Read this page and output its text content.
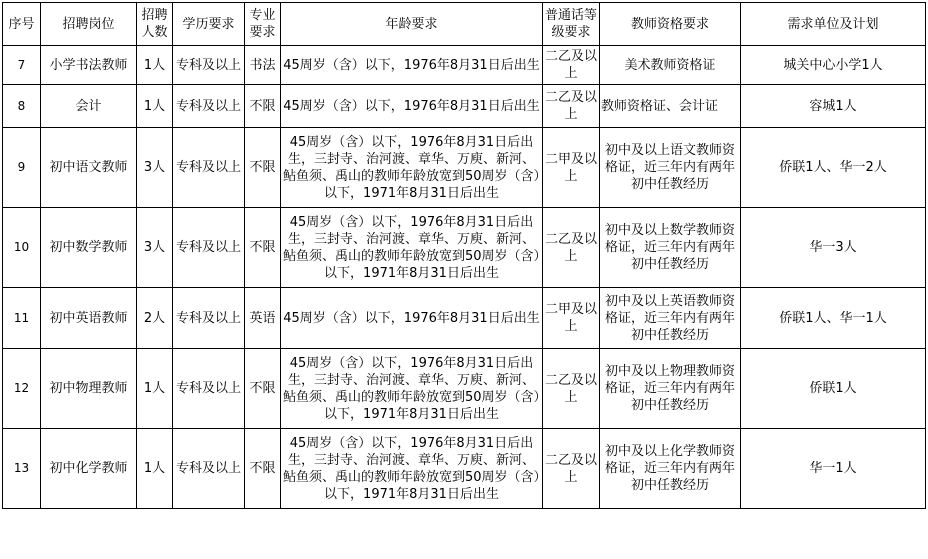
序号	招聘岗位	招聘人数	学历要求	专业要求	年龄要求	普通话等级要求	教师资格要求	需求单位及计划
7	小学书法教师	1人	专科及以上	书法	45周岁（含）以下，1976年8月31日后出生	二乙及以上	美术教师资格证	城关中心小学1人
8	会计	1人	专科及以上	不限	45周岁（含）以下，1976年8月31日后出生	二乙及以上	教师资格证、会计证	容城1人
9	初中语文教师	3人	专科及以上	不限	45周岁（含）以下，1976年8月31日后出生，三封寺、治河渡、章华、万庾、新河、鲇鱼须、禹山的教师年龄放宽到50周岁（含）以下，1971年8月31日后出生	二甲及以上	初中及以上语文教师资格证，近三年内有两年初中任教经历	侨联1人、华一2人
10	初中数学教师	3人	专科及以上	不限	45周岁（含）以下，1976年8月31日后出生，三封寺、治河渡、章华、万庾、新河、鲇鱼须、禹山的教师年龄放宽到50周岁（含）以下，1971年8月31日后出生	二乙及以上	初中及以上数学教师资格证，近三年内有两年初中任教经历	华一3人
11	初中英语教师	2人	专科及以上	英语	45周岁（含）以下，1976年8月31日后出生	二甲及以上	初中及以上英语教师资格证，近三年内有两年初中任教经历	侨联1人、华一1人
12	初中物理教师	1人	专科及以上	不限	45周岁（含）以下，1976年8月31日后出生，三封寺、治河渡、章华、万庾、新河、鲇鱼须、禹山的教师年龄放宽到50周岁（含）以下，1971年8月31日后出生	二乙及以上	初中及以上物理教师资格证，近三年内有两年初中任教经历	侨联1人
13	初中化学教师	1人	专科及以上	不限	45周岁（含）以下，1976年8月31日后出生，三封寺、治河渡、章华、万庾、新河、鲇鱼须、禹山的教师年龄放宽到50周岁（含）以下，1971年8月31日后出生	二乙及以上	初中及以上化学教师资格证，近三年内有两年初中任教经历	华一1人
